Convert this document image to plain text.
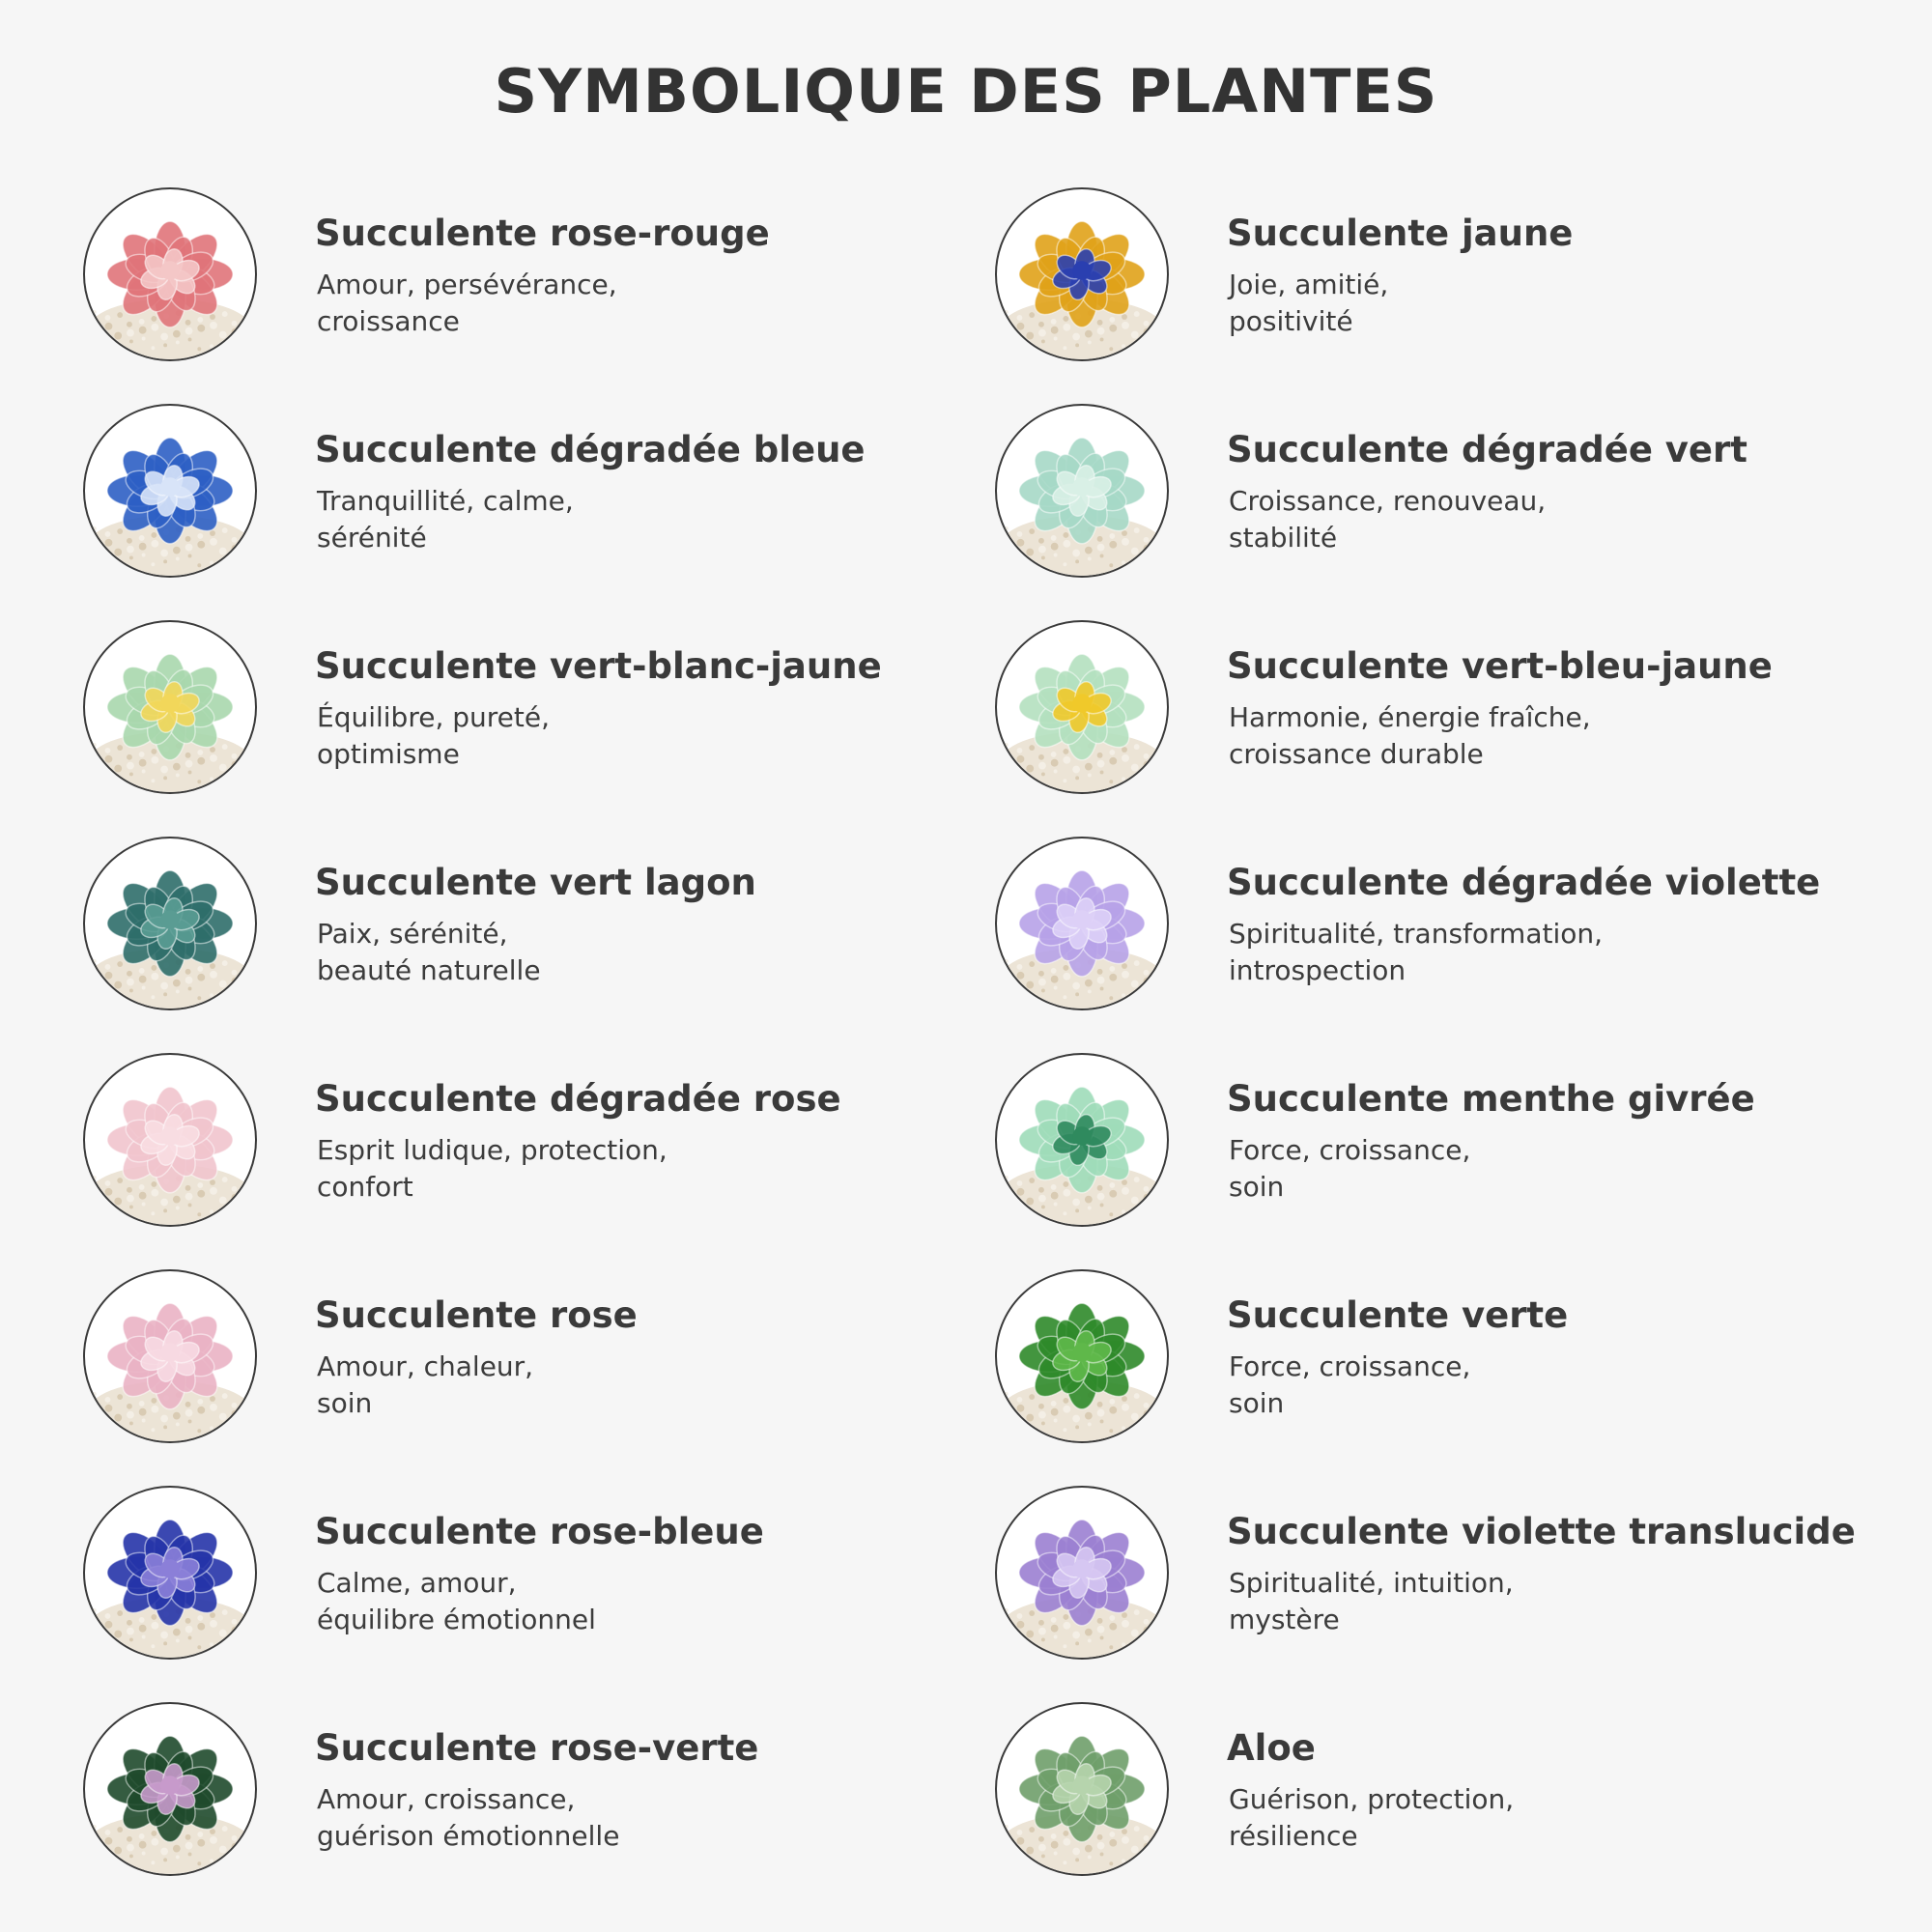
SYMBOLIQUE DES PLANTES
Succulente rose-rouge
Amour, persévérance,
croissance
Succulente dégradée bleue
Tranquillité, calme,
sérénité
Succulente vert-blanc-jaune
Équilibre, pureté,
optimisme
Succulente vert lagon
Paix, sérénité,
beauté naturelle
Succulente dégradée rose
Esprit ludique, protection,
confort
Succulente rose
Amour, chaleur,
soin
Succulente rose-bleue
Calme, amour,
équilibre émotionnel
Succulente rose-verte
Amour, croissance,
guérison émotionnelle
Succulente jaune
Joie, amitié,
positivité
Succulente dégradée vert
Croissance, renouveau,
stabilité
Succulente vert-bleu-jaune
Harmonie, énergie fraîche,
croissance durable
Succulente dégradée violette
Spiritualité, transformation,
introspection
Succulente menthe givrée
Force, croissance,
soin
Succulente verte
Force, croissance,
soin
Succulente violette translucide
Spiritualité, intuition,
mystère
Aloe
Guérison, protection,
résilience
